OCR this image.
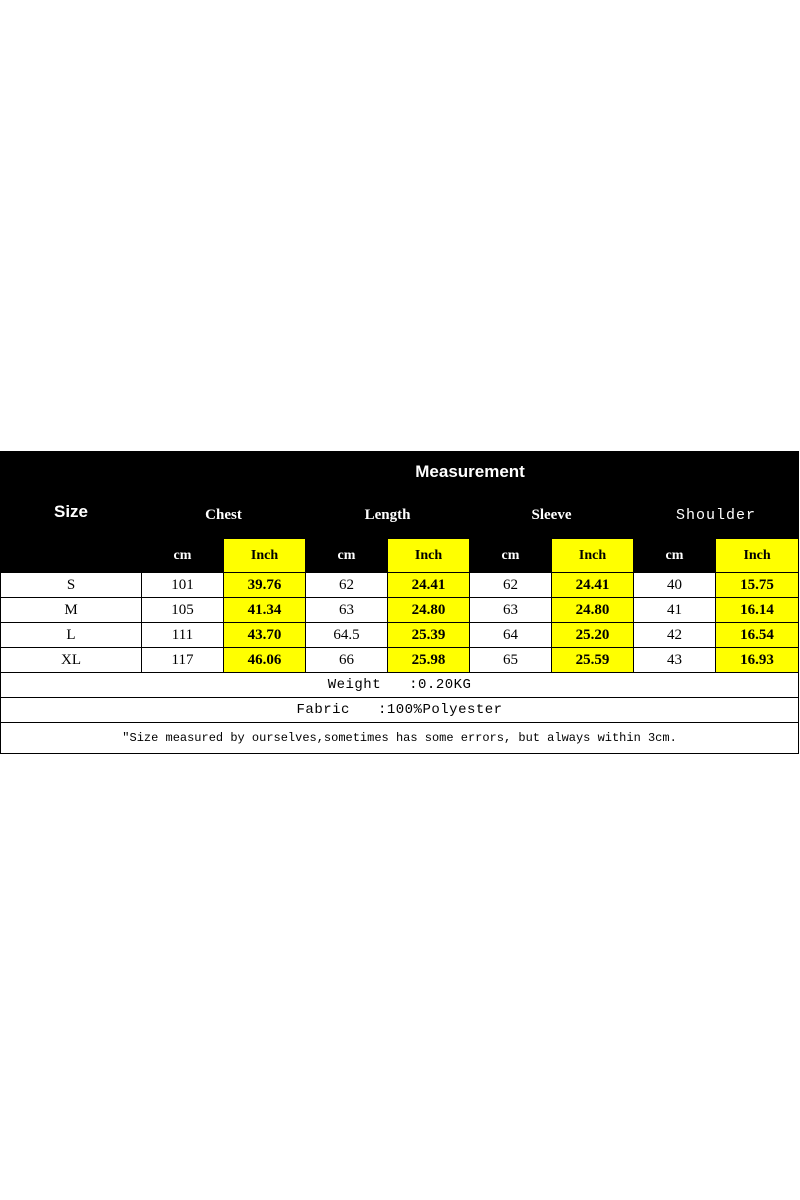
Size	Measurement							
	Chest		Length		Sleeve		Shoulder	
	cm	Inch	cm	Inch	cm	Inch	cm	Inch
S	101	39.76	62	24.41	62	24.41	40	15.75
M	105	41.34	63	24.80	63	24.80	41	16.14
L	111	43.70	64.5	25.39	64	25.20	42	16.54
XL	117	46.06	66	25.98	65	25.59	43	16.93
Weight :0.20KG								
Fabric :100%Polyester								
"Size measured by ourselves,sometimes has some errors, but always within 3cm.								
